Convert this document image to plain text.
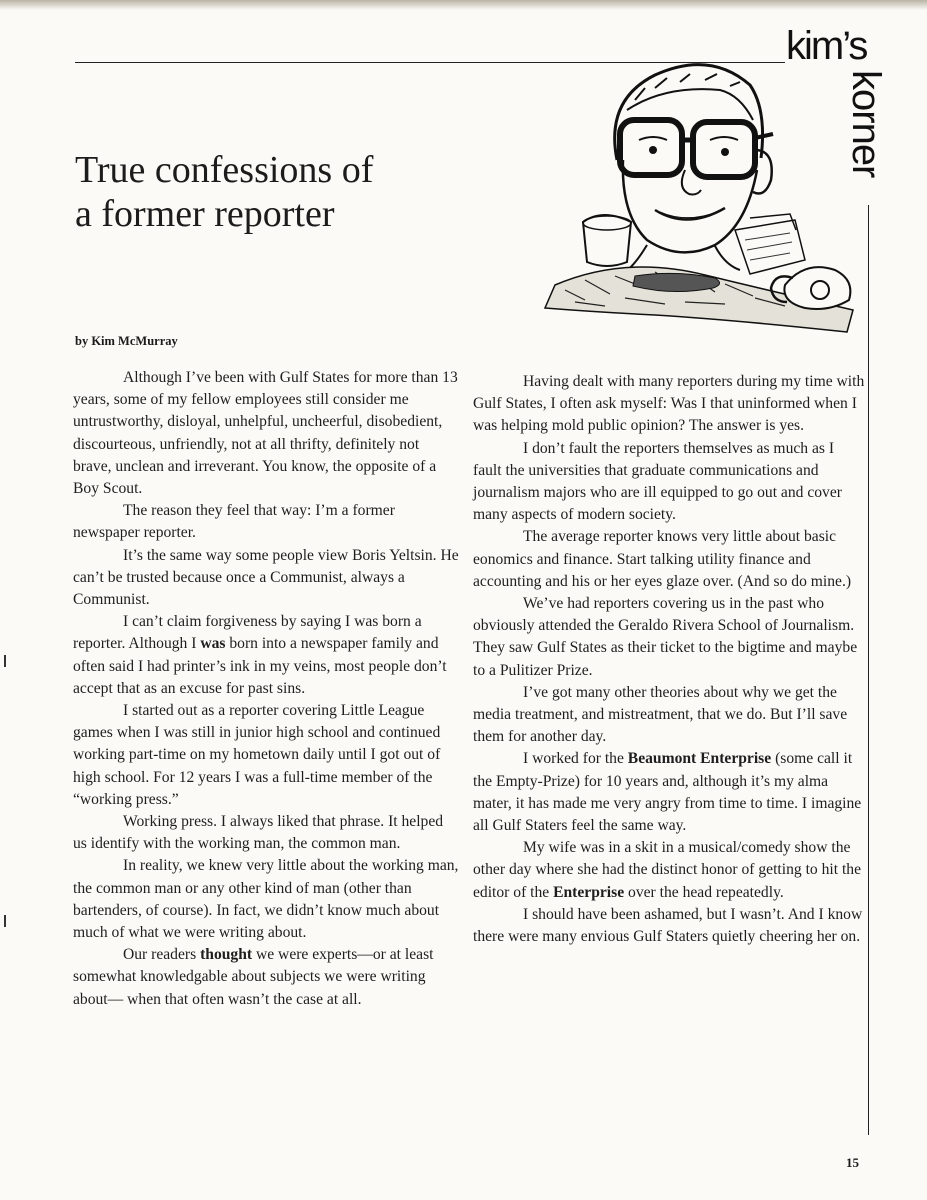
kim’s
korner
True confessions of
a former reporter
by Kim McMurray

Although I’ve been with Gulf States for more than 13 years, some of my fellow employees still consider me untrustworthy, disloyal, unhelpful, uncheerful, disobedient, discourteous, unfriendly, not at all thrifty, definitely not brave, unclean and irreverant. You know, the opposite of a Boy Scout.

The reason they feel that way: I’m a former newspaper reporter.

It’s the same way some people view Boris Yeltsin. He can’t be trusted because once a Communist, always a Communist.

I can’t claim forgiveness by saying I was born a reporter. Although I was born into a newspaper family and often said I had printer’s ink in my veins, most people don’t accept that as an excuse for past sins.

I started out as a reporter covering Little League games when I was still in junior high school and continued working part-time on my hometown daily until I got out of high school. For 12 years I was a full-time member of the “working press.”

Working press. I always liked that phrase. It helped us identify with the working man, the common man.

In reality, we knew very little about the working man, the common man or any other kind of man (other than bartenders, of course). In fact, we didn’t know much about much of what we were writing about.

Our readers thought we were experts—or at least somewhat knowledgable about subjects we were writing about— when that often wasn’t the case at all.

Having dealt with many reporters during my time with Gulf States, I often ask myself: Was I that uninformed when I was helping mold public opinion? The answer is yes.

I don’t fault the reporters themselves as much as I fault the universities that graduate communications and journalism majors who are ill equipped to go out and cover many aspects of modern society.

The average reporter knows very little about basic eonomics and finance. Start talking utility finance and accounting and his or her eyes glaze over. (And so do mine.)

We’ve had reporters covering us in the past who obviously attended the Geraldo Rivera School of Journalism. They saw Gulf States as their ticket to the bigtime and maybe to a Pulitizer Prize.

I’ve got many other theories about why we get the media treatment, and mistreatment, that we do. But I’ll save them for another day.

I worked for the Beaumont Enterprise (some call it the Empty-Prize) for 10 years and, although it’s my alma mater, it has made me very angry from time to time. I imagine all Gulf Staters feel the same way.

My wife was in a skit in a musical/comedy show the other day where she had the distinct honor of getting to hit the editor of the Enterprise over the head repeatedly.

I should have been ashamed, but I wasn’t. And I know there were many envious Gulf Staters quietly cheering her on.

15
